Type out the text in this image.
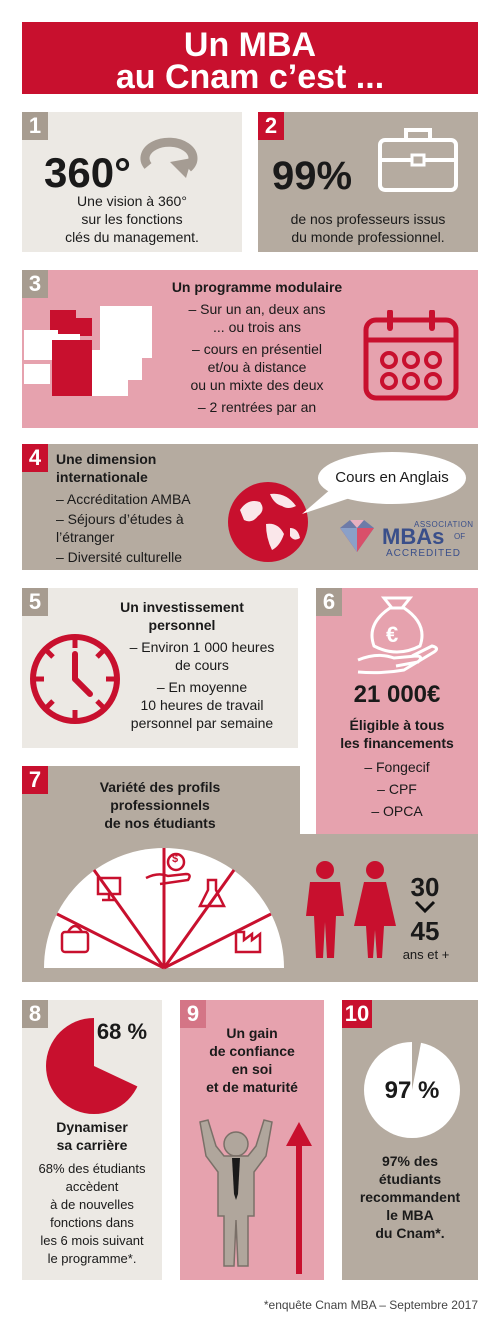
Un MBA
au Cnam c’est ...
1
360°
Une vision à 360°
sur les fonctions
clés du management.
2
99%
de nos professeurs issus
du monde professionnel.
3	Un programme modulaire
– Sur un an, deux ans
... ou trois ans
– cours en présentiel
et/ou à distance
ou un mixte des deux
– 2 rentrées par an
4	Une dimension
internationale
– Accréditation AMBA
– Séjours d’études à
l’étranger
– Diversité culturelle
Cours en Anglais
ASSOCIATION
MBAs OF
ACCREDITED
5	Un investissement
personnel
– Environ 1 000 heures
de cours
– En moyenne
10 heures de travail
personnel par semaine
6
€
21 000€
Éligible à tous
les financements
– Fongecif
– CPF
– OPCA
7	Variété des profils
professionnels
de nos étudiants
$
30
45
ans et +
8
68 %
Dynamiser
sa carrière
68% des étudiants
accèdent
à de nouvelles
fonctions dans
les 6 mois suivant
le programme*.
9
Un gain
de confiance
en soi
et de maturité
10
97 %
97% des
étudiants
recommandent
le MBA
du Cnam*.
*enquête Cnam MBA – Septembre 2017
